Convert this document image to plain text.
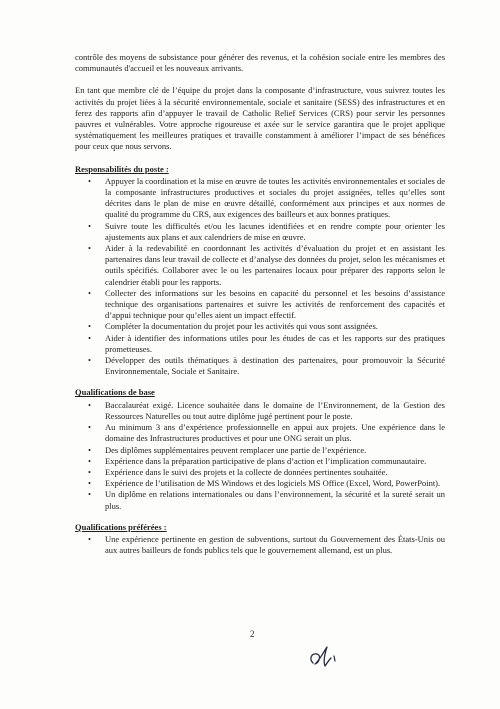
contrôle des moyens de subsistance pour générer des revenus, et la cohésion sociale entre les membres des communautés d'accueil et les nouveaux arrivants.

En tant que membre clé de l’équipe du projet dans la composante d’infrastructure, vous suivrez toutes les activités du projet liées à la sécurité environnementale, sociale et sanitaire (SESS) des infrastructures et en ferez des rapports afin d’appuyer le travail de Catholic Relief Services (CRS) pour servir les personnes pauvres et vulnérables. Votre approche rigoureuse et axée sur le service garantira que le projet applique systématiquement les meilleures pratiques et travaille constamment à améliorer l’impact de ses bénéfices pour ceux que nous servons.

Responsabilités du poste :
• Appuyer la coordination et la mise en œuvre de toutes les activités environnementales et sociales de la composante infrastructures productives et sociales du projet assignées, telles qu’elles sont décrites dans le plan de mise en œuvre détaillé, conformément aux principes et aux normes de qualité du programme du CRS, aux exigences des bailleurs et aux bonnes pratiques.
• Suivre toute les difficultés et/ou les lacunes identifiées et en rendre compte pour orienter les ajustements aux plans et aux calendriers de mise en œuvre.
• Aider à la redevabilité en coordonnant les activités d’évaluation du projet et en assistant les partenaires dans leur travail de collecte et d’analyse des données du projet, selon les mécanismes et outils spécifiés. Collaborer avec le ou les partenaires locaux pour préparer des rapports selon le calendrier établi pour les rapports.
• Collecter des informations sur les besoins en capacité du personnel et les besoins d’assistance technique des organisations partenaires et suivre les activités de renforcement des capacités et d’appui technique pour qu’elles aient un impact effectif.
• Compléter la documentation du projet pour les activités qui vous sont assignées.
• Aider à identifier des informations utiles pour les études de cas et les rapports sur des pratiques prometteuses.
• Développer des outils thématiques à destination des partenaires, pour promouvoir la Sécurité Environnementale, Sociale et Sanitaire.
Qualifications de base
• Baccalauréat exigé. Licence souhaitée dans le domaine de l’Environnement, de la Gestion des Ressources Naturelles ou tout autre diplôme jugé pertinent pour le poste.
• Au minimum 3 ans d’expérience professionnelle en appui aux projets. Une expérience dans le domaine des Infrastructures productives et pour une ONG serait un plus.
• Des diplômes supplémentaires peuvent remplacer une partie de l’expérience.
• Expérience dans la préparation participative de plans d’action et l’implication communautaire.
• Expérience dans le suivi des projets et la collecte de données pertinentes souhaitée.
• Expérience de l’utilisation de MS Windows et des logiciels MS Office (Excel, Word, PowerPoint).
• Un diplôme en relations internationales ou dans l’environnement, la sécurité et la sureté serait un plus.
Qualifications préférées :
• Une expérience pertinente en gestion de subventions, surtout du Gouvernement des États-Unis ou aux autres bailleurs de fonds publics tels que le gouvernement allemand, est un plus.
2
